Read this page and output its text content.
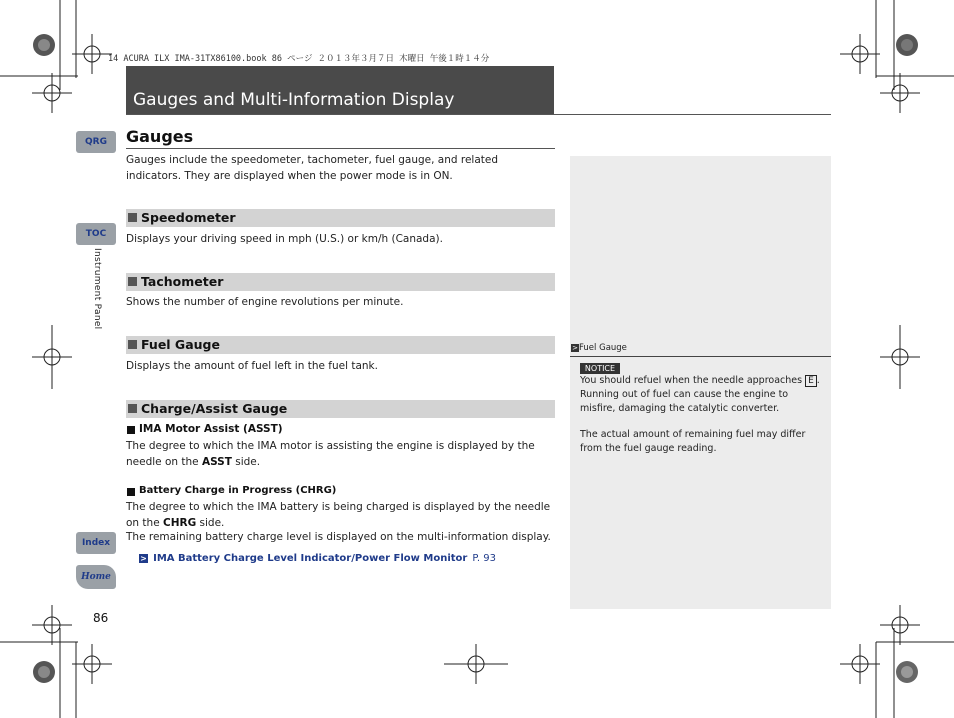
14 ACURA ILX IMA-31TX86100.book 86 ページ ２０１３年３月７日 木曜日 午後１時１４分
Gauges and Multi-Information Display
QRG
TOC
Instrument Panel
Index
Home
86
Gauges
Gauges include the speedometer, tachometer, fuel gauge, and related indicators. They are displayed when the power mode is in ON.
Speedometer
Displays your driving speed in mph (U.S.) or km/h (Canada).
Tachometer
Shows the number of engine revolutions per minute.
Fuel Gauge
Displays the amount of fuel left in the fuel tank.
Charge/Assist Gauge
IMA Motor Assist (ASST)
The degree to which the IMA motor is assisting the engine is displayed by the needle on the ASST side.
Battery Charge in Progress (CHRG)
The degree to which the IMA battery is being charged is displayed by the needle on the CHRG side.
The remaining battery charge level is displayed on the multi-information display.
> IMA Battery Charge Level Indicator/Power Flow Monitor P. 93
>Fuel Gauge
NOTICE
You should refuel when the needle approaches E . Running out of fuel can cause the engine to misfire, damaging the catalytic converter.
The actual amount of remaining fuel may differ from the fuel gauge reading.
